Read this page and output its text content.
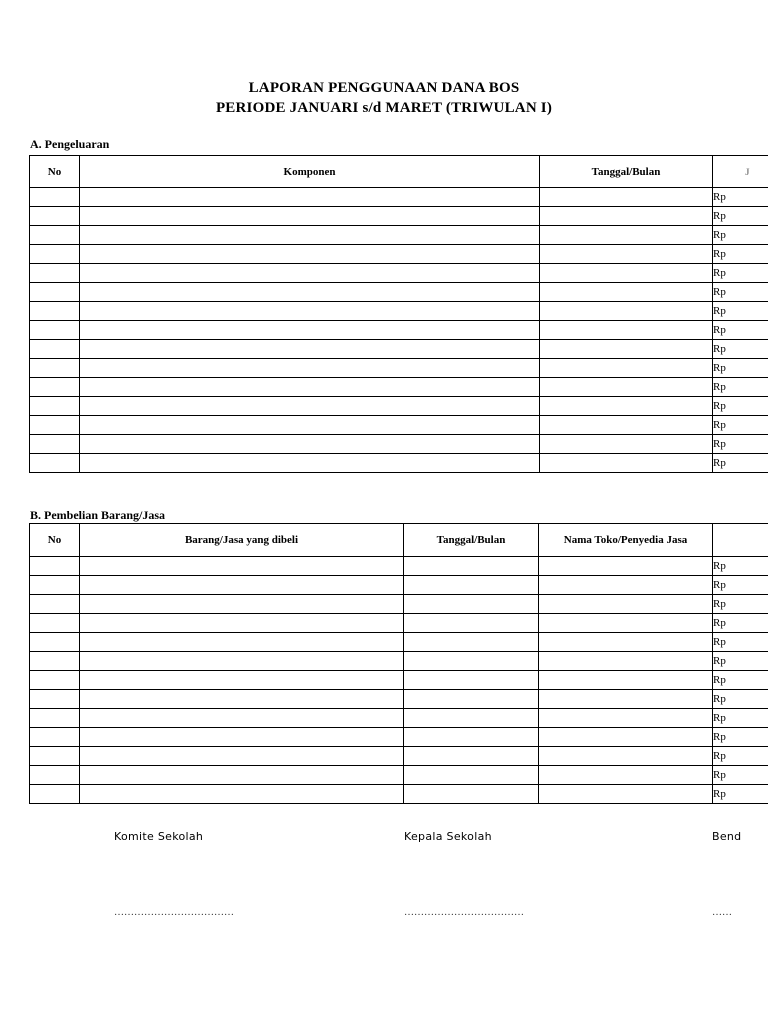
LAPORAN PENGGUNAAN DANA BOS
PERIODE JANUARI s/d MARET (TRIWULAN I)
A. Pengeluaran
No	Komponen	Tanggal/Bulan	J
			Rp
			Rp
			Rp
			Rp
			Rp
			Rp
			Rp
			Rp
			Rp
			Rp
			Rp
			Rp
			Rp
			Rp
			Rp
B. Pembelian Barang/Jasa
No	Barang/Jasa yang dibeli	Tanggal/Bulan	Nama Toko/Penyedia Jasa	
				Rp
				Rp
				Rp
				Rp
				Rp
				Rp
				Rp
				Rp
				Rp
				Rp
				Rp
				Rp
				Rp
Komite Sekolah	Kepala Sekolah	Bend
………………………………	………………………………	……
